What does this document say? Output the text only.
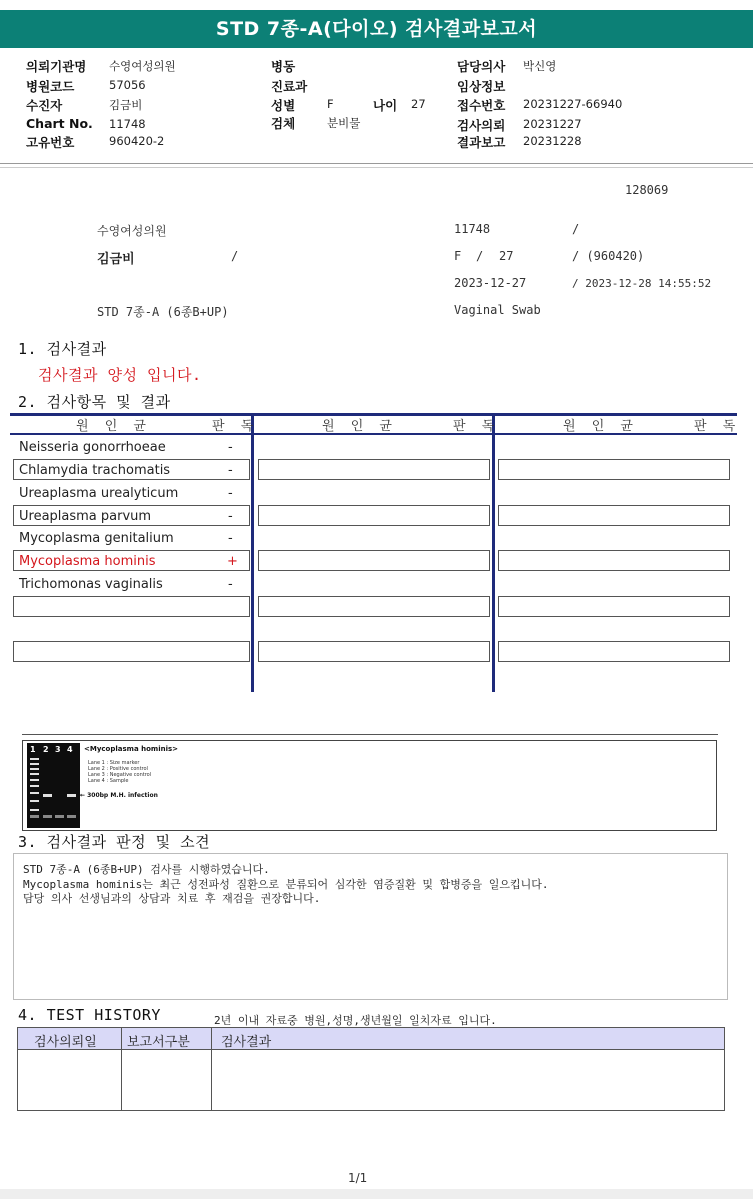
STD 7종-A(다이오) 검사결과보고서
의뢰기관명 수영여성의원
병원코드	57056
수진자	김금비
Chart No. 11748
고유번호	960420-2
병동
진료과
성별	F	나이 27
검체	분비물
담당의사 박신영
임상정보
접수번호 20231227-66940
검사의뢰 20231227
결과보고 20231228
128069
수영여성의원	11748	/
김금비	/	F / 27	/ (960420)
2023-12-27	/ 2023-12-28 14:55:52
STD 7종-A (6종B+UP)	Vaginal Swab
1. 검사결과
검사결과 양성 입니다.
2. 검사항목 및 결과
원 인 균	판 독	원 인 균	판 독	원 인 균	판 독
Neisseria gonorrhoeae	-
Chlamydia trachomatis	-
Ureaplasma urealyticum	-
Ureaplasma parvum	-
Mycoplasma genitalium	-
Mycoplasma hominis	+
Trichomonas vaginalis	-
1 2 3 4 <Mycoplasma hominis>
Lane 1 : Size marker
Lane 2 : Positive control
Lane 3 : Negative control
Lane 4 : Sample
← 300bp M.H. infection
3. 검사결과 판정 및 소견
STD 7종-A (6종B+UP) 검사를 시행하였습니다.
Mycoplasma hominis는 최근 성전파성 질환으로 분류되어 심각한 염증질환 및 합병증을 일으킵니다.
담당 의사 선생님과의 상담과 치료 후 재검을 권장합니다.
4. TEST HISTORY	2년 이내 자료중 병원,성명,생년월일 일치자료 입니다.
검사의뢰일 보고서구분 검사결과
1/1
